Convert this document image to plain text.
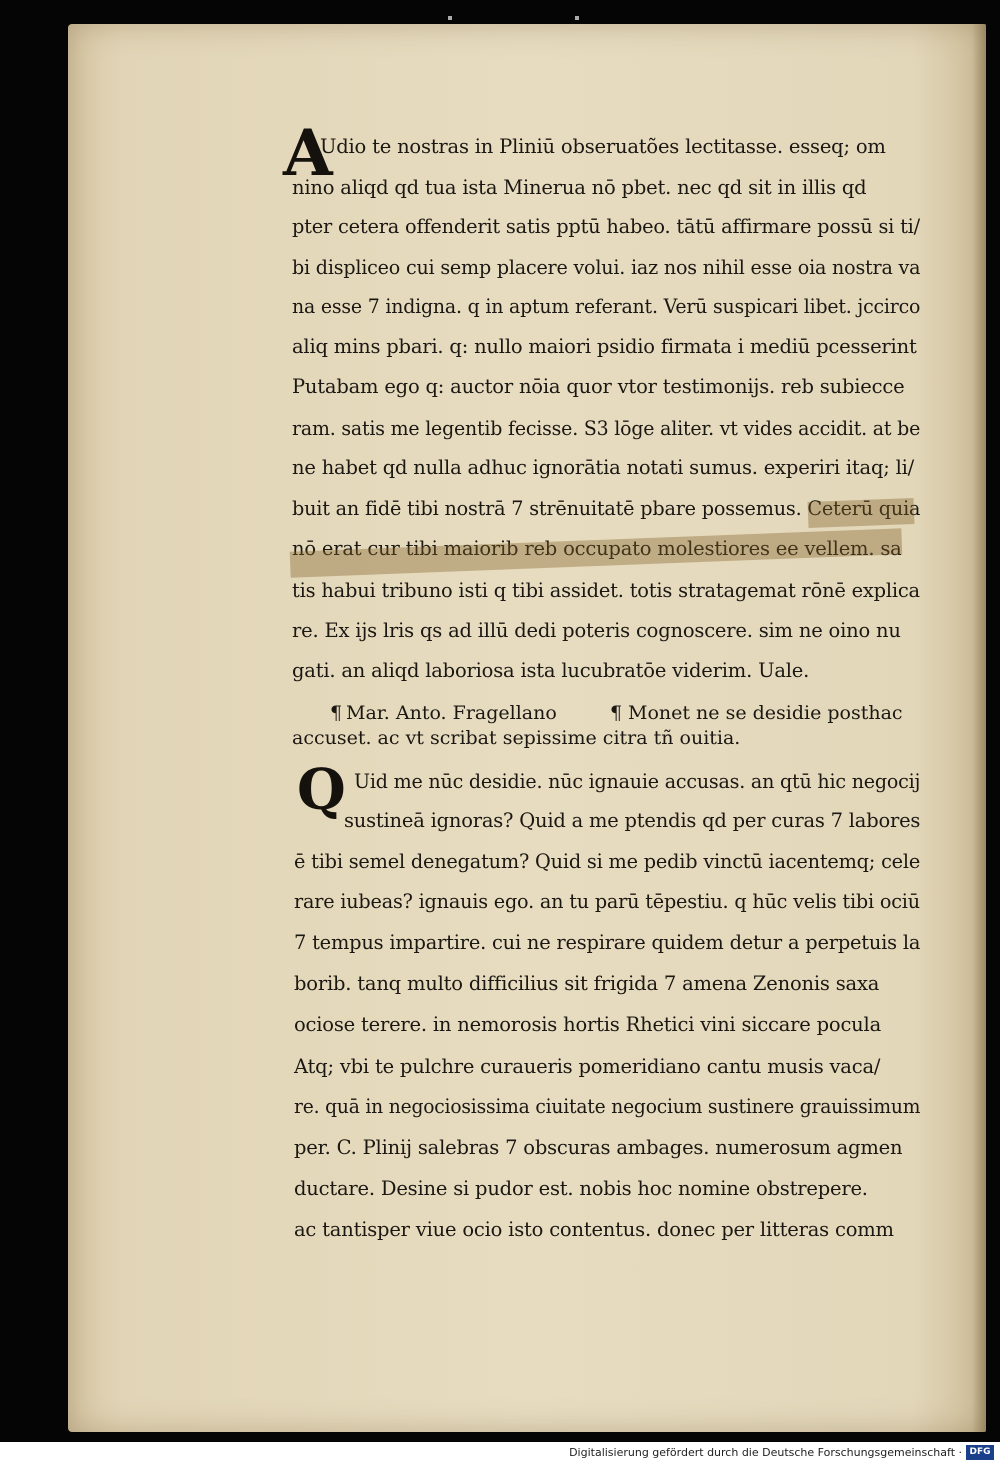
A
Udio te nostras in Pliniū obseruatões lectitasse. esseq; om
nino aliqd qd tua ista Minerua nō pbet. nec qd sit in illis qd
pter cetera offenderit satis pptū habeo. tātū affirmare possū si ti/
bi displiceo cui semp placere volui. iaz nos nihil esse oia nostra va
na esse 7 indigna. q in aptum referant. Verū suspicari libet. jccirco
aliq mins pbari. q: nullo maiori psidio firmata i mediū pcesserint
Putabam ego q: auctor nōia quor vtor testimonijs. reb subiecce
ram. satis me legentib fecisse. S3 lōge aliter. vt vides accidit. at be
ne habet qd nulla adhuc ignorātia notati sumus. experiri itaq; li/
buit an fidē tibi nostrā 7 strēnuitatē pbare possemus. Ceterū quia
nō erat cur tibi maiorib reb occupato molestiores ee vellem. sa
tis habui tribuno isti q tibi assidet. totis stratagemat rōnē explica
re. Ex ijs lris qs ad illū dedi poteris cognoscere. sim ne oino nu
gati. an aliqd laboriosa ista lucubratōe viderim. Uale.
¶ Mar. Anto. Fragellano	¶ Monet ne se desidie posthac
accuset. ac vt scribat sepissime citra tñ ouitia.
Q Uid me nūc desidie. nūc ignauie accusas. an qtū hic negocij
sustineā ignoras? Quid a me ptendis qd per curas 7 labores
ē tibi semel denegatum? Quid si me pedib vinctū iacentemq; cele
rare iubeas? ignauis ego. an tu parū tēpestiu. q hūc velis tibi ociū
7 tempus impartire. cui ne respirare quidem detur a perpetuis la
borib. tanq multo difficilius sit frigida 7 amena Zenonis saxa
ociose terere. in nemorosis hortis Rhetici vini siccare pocula
Atq; vbi te pulchre curaueris pomeridiano cantu musis vaca/
re. quā in negociosissima ciuitate negocium sustinere grauissimum
per. C. Plinij salebras 7 obscuras ambages. numerosum agmen
ductare. Desine si pudor est. nobis hoc nomine obstrepere.
ac tantisper viue ocio isto contentus. donec per litteras comm
Digitalisierung gefördert durch die Deutsche Forschungsgemeinschaft · DFG
